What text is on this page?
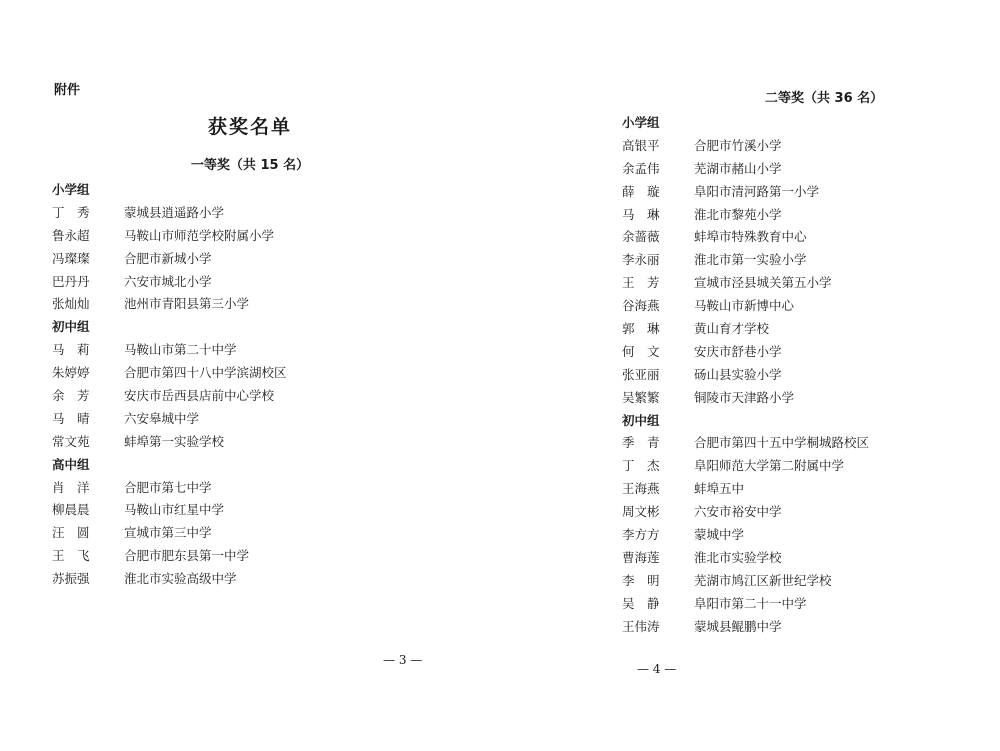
附件
获奖名单
一等奖（共 15 名）
小学组
丁　秀	蒙城县逍遥路小学
鲁永超	马鞍山市师范学校附属小学
冯璨璨	合肥市新城小学
巴丹丹	六安市城北小学
张灿灿	池州市青阳县第三小学
初中组
马　莉	马鞍山市第二十中学
朱婷婷	合肥市第四十八中学滨湖校区
余　芳	安庆市岳西县店前中心学校
马　晴	六安皋城中学
常文苑	蚌埠第一实验学校
高中组
肖　洋	合肥市第七中学
柳晨晨	马鞍山市红星中学
汪　圆	宣城市第三中学
王　飞	合肥市肥东县第一中学
苏振强	淮北市实验高级中学
— 3 —
二等奖（共 36 名）
小学组
高银平	合肥市竹溪小学
余孟伟	芜湖市赭山小学
薛　璇	阜阳市清河路第一小学
马　琳	淮北市黎苑小学
余蔷薇	蚌埠市特殊教育中心
李永丽	淮北市第一实验小学
王　芳	宣城市泾县城关第五小学
谷海燕	马鞍山市新博中心
郭　琳	黄山育才学校
何　文	安庆市舒巷小学
张亚丽	砀山县实验小学
吴繁繁	铜陵市天津路小学
初中组
季　青	合肥市第四十五中学桐城路校区
丁　杰	阜阳师范大学第二附属中学
王海燕	蚌埠五中
周文彬	六安市裕安中学
李方方	蒙城中学
曹海莲	淮北市实验学校
李　明	芜湖市鸠江区新世纪学校
吴　静	阜阳市第二十一中学
王伟涛	蒙城县鲲鹏中学
— 4 —
